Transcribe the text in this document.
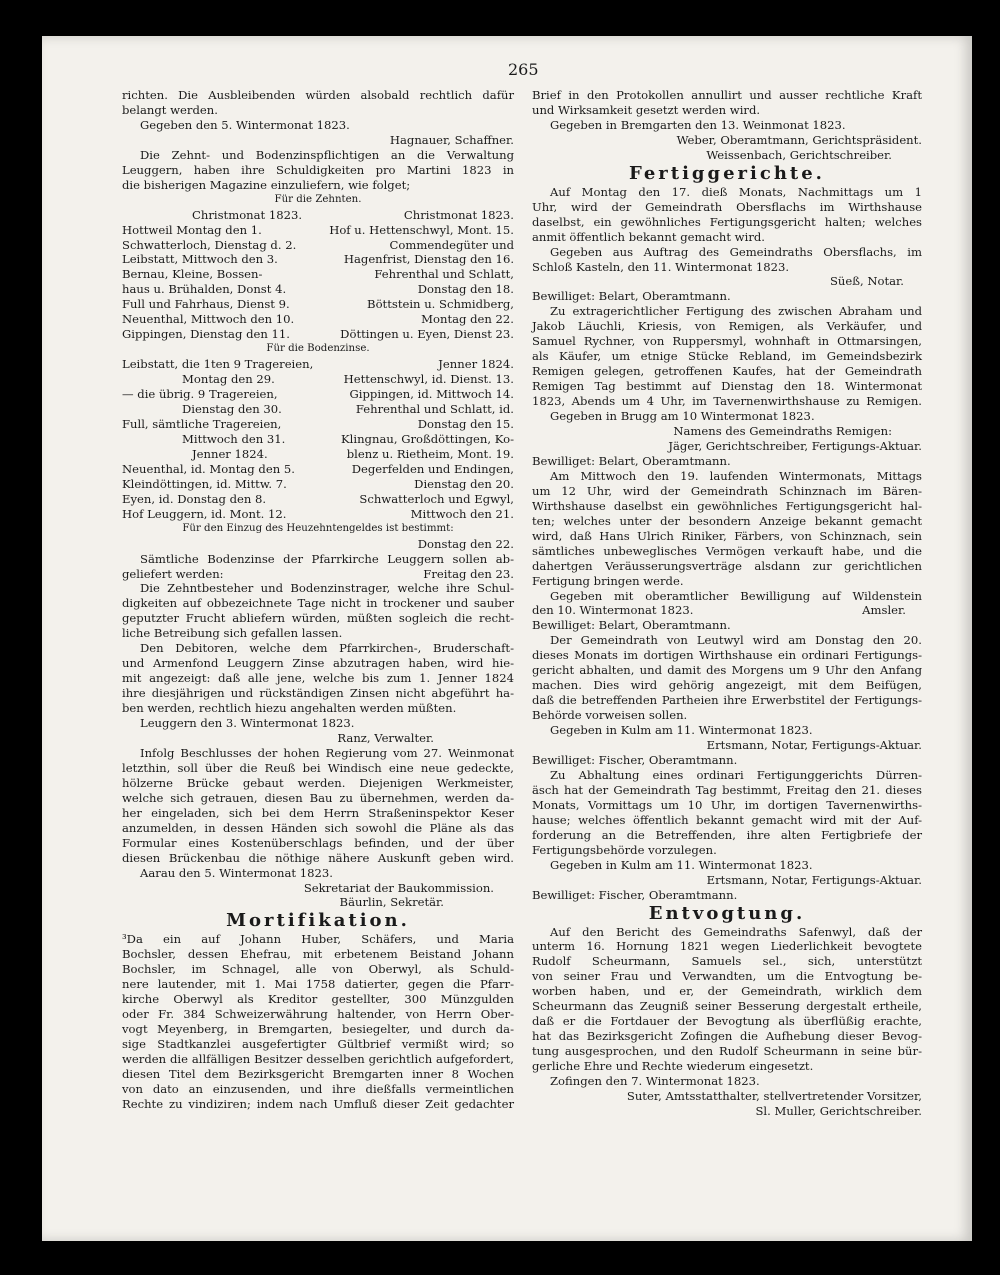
265

richten. Die Ausbleibenden würden alsobald rechtlich dafür

belangt werden.

Gegeben den 5. Wintermonat 1823.

Hagnauer, Schaffner.

Die Zehnt- und Bodenzinspflichtigen an die Verwaltung

Leuggern, haben ihre Schuldigkeiten pro Martini 1823 in

die bisherigen Magazine einzuliefern, wie folget;

Für die Zehnten.

Christmonat 1823.	Christmonat 1823.
Hottweil Montag den 1.	Hof u. Hettenschwyl, Mont. 15.
Schwatterloch, Dienstag d. 2.	Commendegüter und
Leibstatt, Mittwoch den 3.	Hagenfrist, Dienstag den 16.
Bernau, Kleine, Bossen-	Fehrenthal und Schlatt,
haus u. Brühalden, Donst 4.	Donstag den 18.
Full und Fahrhaus, Dienst 9.	Böttstein u. Schmidberg,
Neuenthal, Mittwoch den 10.	Montag den 22.
Gippingen, Dienstag den 11.	Döttingen u. Eyen, Dienst 23.

Für die Bodenzinse.

Leibstatt, die 1ten 9 Tragereien,	Jenner 1824.
Montag den 29.	Hettenschwyl, id. Dienst. 13.
— die übrig. 9 Tragereien,	Gippingen, id. Mittwoch 14.
Dienstag den 30.	Fehrenthal und Schlatt, id.
Full, sämtliche Tragereien,	Donstag den 15.
Mittwoch den 31.	Klingnau, Großdöttingen, Ko-
Jenner 1824.	blenz u. Rietheim, Mont. 19.
Neuenthal, id. Montag den 5.	Degerfelden und Endingen,
Kleindöttingen, id. Mittw. 7.	Dienstag den 20.
Eyen, id. Donstag den 8.	Schwatterloch und Egwyl,
Hof Leuggern, id. Mont. 12.	Mittwoch den 21.

Für den Einzug des Heuzehntengeldes ist bestimmt:

Donstag den 22.

Sämtliche Bodenzinse der Pfarrkirche Leuggern sollen ab-

geliefert werden:	Freitag den 23.

Die Zehntbesteher und Bodenzinstrager, welche ihre Schul-

digkeiten auf obbezeichnete Tage nicht in trockener und sauber

geputzter Frucht abliefern würden, müßten sogleich die recht-

liche Betreibung sich gefallen lassen.

Den Debitoren, welche dem Pfarrkirchen-, Bruderschaft-

und Armenfond Leuggern Zinse abzutragen haben, wird hie-

mit angezeigt: daß alle jene, welche bis zum 1. Jenner 1824

ihre diesjährigen und rückständigen Zinsen nicht abgeführt ha-

ben werden, rechtlich hiezu angehalten werden müßten.

Leuggern den 3. Wintermonat 1823.

Ranz, Verwalter.

Infolg Beschlusses der hohen Regierung vom 27. Weinmonat

letzthin, soll über die Reuß bei Windisch eine neue gedeckte,

hölzerne Brücke gebaut werden. Diejenigen Werkmeister,

welche sich getrauen, diesen Bau zu übernehmen, werden da-

her eingeladen, sich bei dem Herrn Straßeninspektor Keser

anzumelden, in dessen Händen sich sowohl die Pläne als das

Formular eines Kostenüberschlags befinden, und der über

diesen Brückenbau die nöthige nähere Auskunft geben wird.

Aarau den 5. Wintermonat 1823.

Sekretariat der Baukommission.

Bäurlin, Sekretär.

Mortifikation.

³Da ein auf Johann Huber, Schäfers, und Maria

Bochsler, dessen Ehefrau, mit erbetenem Beistand Johann

Bochsler, im Schnagel, alle von Oberwyl, als Schuld-

nere lautender, mit 1. Mai 1758 datierter, gegen die Pfarr-

kirche Oberwyl als Kreditor gestellter, 300 Münzgulden

oder Fr. 384 Schweizerwährung haltender, von Herrn Ober-

vogt Meyenberg, in Bremgarten, besiegelter, und durch da-

sige Stadtkanzlei ausgefertigter Gültbrief vermißt wird; so

werden die allfälligen Besitzer desselben gerichtlich aufgefordert,

diesen Titel dem Bezirksgericht Bremgarten inner 8 Wochen

von dato an einzusenden, und ihre dießfalls vermeintlichen

Rechte zu vindiziren; indem nach Umfluß dieser Zeit gedachter

Brief in den Protokollen annullirt und ausser rechtliche Kraft

und Wirksamkeit gesetzt werden wird.

Gegeben in Bremgarten den 13. Weinmonat 1823.

Weber, Oberamtmann, Gerichtspräsident.

Weissenbach, Gerichtschreiber.

Fertiggerichte.

Auf Montag den 17. dieß Monats, Nachmittags um 1

Uhr, wird der Gemeindrath Obersflachs im Wirthshause

daselbst, ein gewöhnliches Fertigungsgericht halten; welches

anmit öffentlich bekannt gemacht wird.

Gegeben aus Auftrag des Gemeindraths Obersflachs, im

Schloß Kasteln, den 11. Wintermonat 1823.

Süeß, Notar.

Bewilliget: Belart, Oberamtmann.

Zu extragerichtlicher Fertigung des zwischen Abraham und

Jakob Läuchli, Kriesis, von Remigen, als Verkäufer, und

Samuel Rychner, von Ruppersmyl, wohnhaft in Ottmarsingen,

als Käufer, um etnige Stücke Rebland, im Gemeindsbezirk

Remigen gelegen, getroffenen Kaufes, hat der Gemeindrath

Remigen Tag bestimmt auf Dienstag den 18. Wintermonat

1823, Abends um 4 Uhr, im Tavernenwirthshause zu Remigen.

Gegeben in Brugg am 10 Wintermonat 1823.

Namens des Gemeindraths Remigen:

Jäger, Gerichtschreiber, Fertigungs-Aktuar.

Bewilliget: Belart, Oberamtmann.

Am Mittwoch den 19. laufenden Wintermonats, Mittags

um 12 Uhr, wird der Gemeindrath Schinznach im Bären-

Wirthshause daselbst ein gewöhnliches Fertigungsgericht hal-

ten; welches unter der besondern Anzeige bekannt gemacht

wird, daß Hans Ulrich Riniker, Färbers, von Schinznach, sein

sämtliches unbeweglisches Vermögen verkauft habe, und die

dahertgen Veräusserungsverträge alsdann zur gerichtlichen

Fertigung bringen werde.

Gegeben mit oberamtlicher Bewilligung auf Wildenstein

den 10. Wintermonat 1823.	Amsler.

Bewilliget: Belart, Oberamtmann.

Der Gemeindrath von Leutwyl wird am Donstag den 20.

dieses Monats im dortigen Wirthshause ein ordinari Fertigungs-

gericht abhalten, und damit des Morgens um 9 Uhr den Anfang

machen. Dies wird gehörig angezeigt, mit dem Beifügen,

daß die betreffenden Partheien ihre Erwerbstitel der Fertigungs-

Behörde vorweisen sollen.

Gegeben in Kulm am 11. Wintermonat 1823.

Ertsmann, Notar, Fertigungs-Aktuar.

Bewilliget: Fischer, Oberamtmann.

Zu Abhaltung eines ordinari Fertigunggerichts Dürren-

äsch hat der Gemeindrath Tag bestimmt, Freitag den 21. dieses

Monats, Vormittags um 10 Uhr, im dortigen Tavernenwirths-

hause; welches öffentlich bekannt gemacht wird mit der Auf-

forderung an die Betreffenden, ihre alten Fertigbriefe der

Fertigungsbehörde vorzulegen.

Gegeben in Kulm am 11. Wintermonat 1823.

Ertsmann, Notar, Fertigungs-Aktuar.

Bewilliget: Fischer, Oberamtmann.

Entvogtung.

Auf den Bericht des Gemeindraths Safenwyl, daß der

unterm 16. Hornung 1821 wegen Liederlichkeit bevogtete

Rudolf Scheurmann, Samuels sel., sich, unterstützt

von seiner Frau und Verwandten, um die Entvogtung be-

worben haben, und er, der Gemeindrath, wirklich dem

Scheurmann das Zeugniß seiner Besserung dergestalt ertheile,

daß er die Fortdauer der Bevogtung als überflüßig erachte,

hat das Bezirksgericht Zofingen die Aufhebung dieser Bevog-

tung ausgesprochen, und den Rudolf Scheurmann in seine bür-

gerliche Ehre und Rechte wiederum eingesetzt.

Zofingen den 7. Wintermonat 1823.

Suter, Amtsstatthalter, stellvertretender Vorsitzer,

Sl. Muller, Gerichtschreiber.
